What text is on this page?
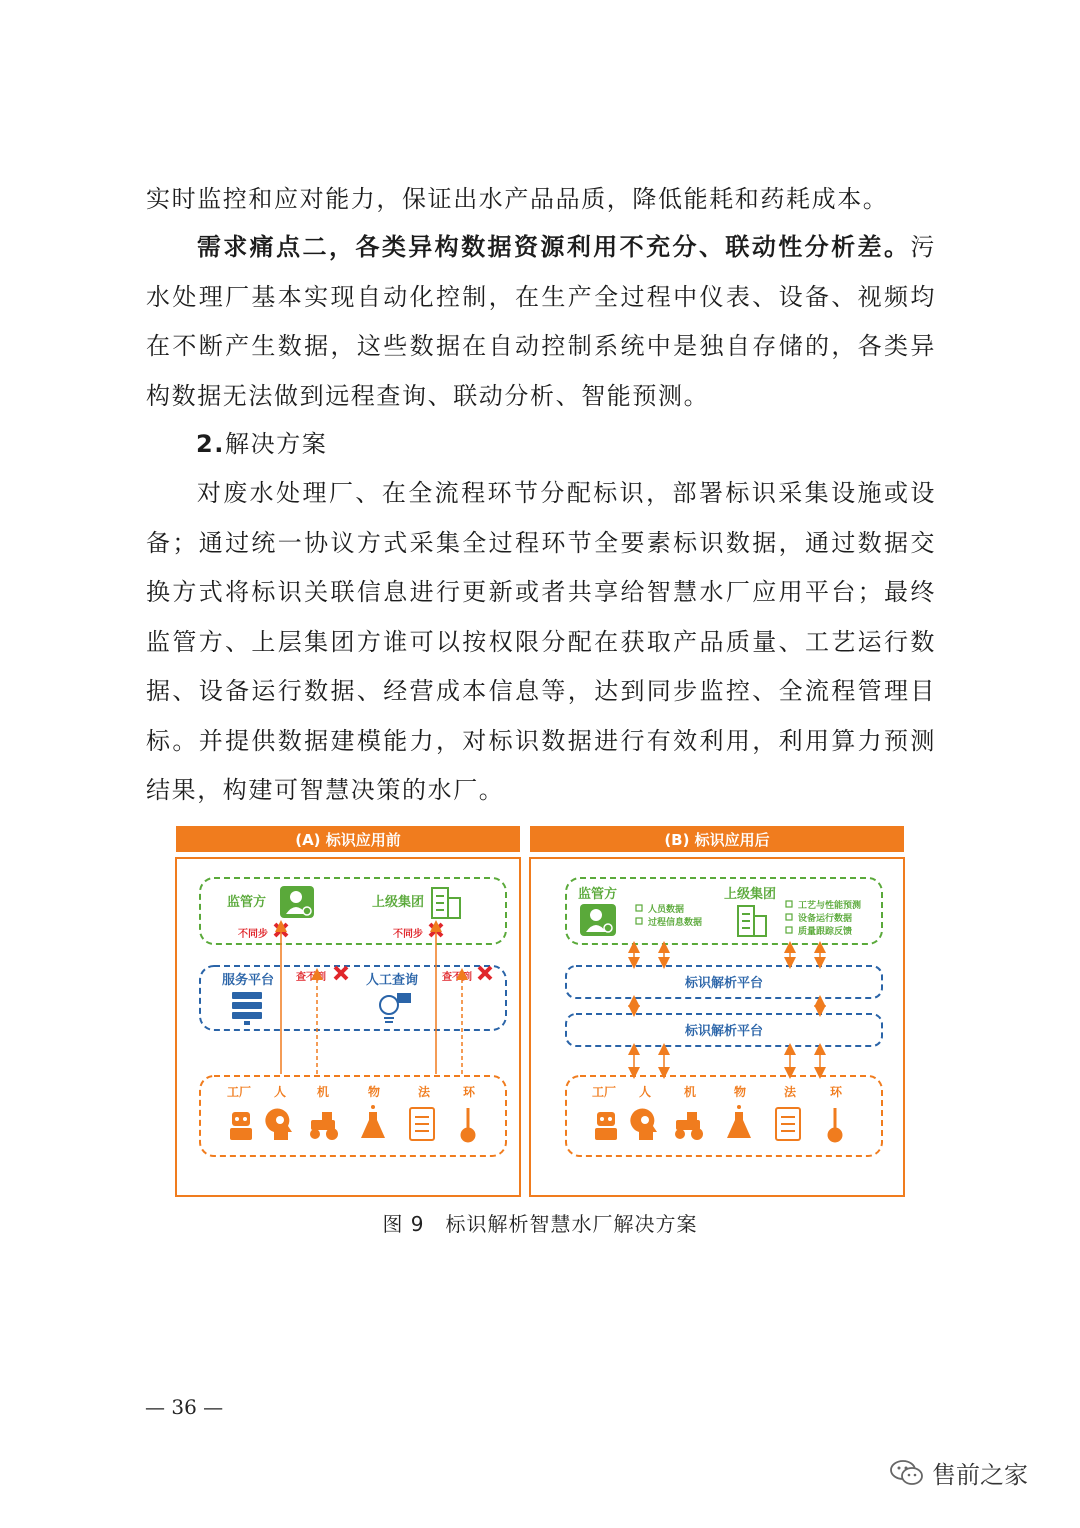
实时监控和应对能力，保证出水产品品质，降低能耗和药耗成本。

需求痛点二，各类异构数据资源利用不充分、联动性分析差。污水处理厂基本实现自动化控制，在生产全过程中仪表、设备、视频均在不断产生数据，这些数据在自动控制系统中是独自存储的，各类异构数据无法做到远程查询、联动分析、智能预测。

2.解决方案

对废水处理厂、在全流程环节分配标识，部署标识采集设施或设备；通过统一协议方式采集全过程环节全要素标识数据，通过数据交换方式将标识关联信息进行更新或者共享给智慧水厂应用平台；最终监管方、上层集团方谁可以按权限分配在获取产品质量、工艺运行数据、设备运行数据、经营成本信息等，达到同步监控、全流程管理目标。并提供数据建模能力，对标识数据进行有效利用，利用算力预测结果，构建可智慧决策的水厂。

(A) 标识应用前
监管方	上级集团
不同步	不同步
服务平台 查不到	人工查询 查不到
工厂 人	机	物	法	环
(B) 标识应用后
监管方
人员数据
过程信息数据
上级集团
工艺与性能预测
设备运行数据
质量跟踪反馈
标识解析平台
标识解析平台
工厂 人	机	物	法	环
图 9　标识解析智慧水厂解决方案
— 36 —
售前之家
